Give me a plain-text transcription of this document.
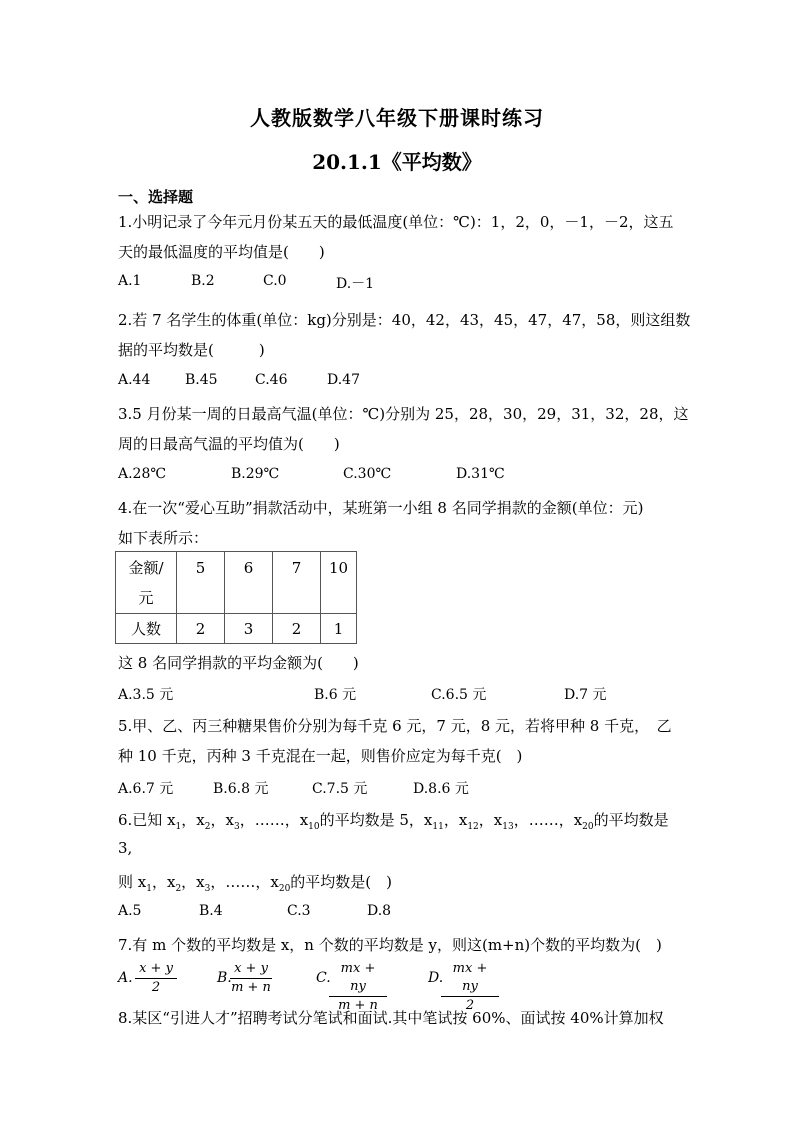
人教版数学八年级下册课时练习
20.1.1《平均数》
一、选择题
1.小明记录了今年元月份某五天的最低温度(单位：℃)：1，2，0，－1，－2，这五
天的最低温度的平均值是(　　)
A.1	B.2	C.0	D.－1
2.若 7 名学生的体重(单位：kg)分别是：40，42，43，45，47，47，58，则这组数
据的平均数是(　　　)
A.44 B.45	C.46	D.47
3.5 月份某一周的日最高气温(单位：℃)分别为 25，28，30，29，31，32，28，这
周的日最高气温的平均值为(　　)
A.28℃	B.29℃	C.30℃	D.31℃
4.在一次“爱心互助”捐款活动中，某班第一小组 8 名同学捐款的金额(单位：元)
如下表所示：
金额/
元	5	6	7	10
人数	2	3	2	1
这 8 名同学捐款的平均金额为(　　)
A.3.5 元	B.6 元	C.6.5 元	D.7 元
5.甲、乙、丙三种糖果售价分别为每千克 6 元，7 元，8 元，若将甲种 8 千克，　乙
种 10 千克，丙种 3 千克混在一起，则售价应定为每千克(　)
A.6.7 元	B.6.8 元	C.7.5 元	D.8.6 元
6.已知 $x_1$，$x_2$，$x_3$，……，$x_{10}$的平均数是 5，$x_{11}$，$x_{12}$，$x_{13}$，……，$x_{20}$的平均数是
3,
则 $x_1$，$x_2$，$x_3$，……，$x_{20}$的平均数是(　)
A.5	B.4	C.3	D.8
7.有 m 个数的平均数是 x，n 个数的平均数是 y，则这(m+n)个数的平均数为(　)
A. $\frac{x + y}{2}$	B.
$\frac{x + y}{m + n}$	C.
$\frac{mx + ny}{m + n}$	D.
$\frac{mx + ny}{2}$
8.某区“引进人才”招聘考试分笔试和面试.其中笔试按 60%、面试按 40%计算加权
